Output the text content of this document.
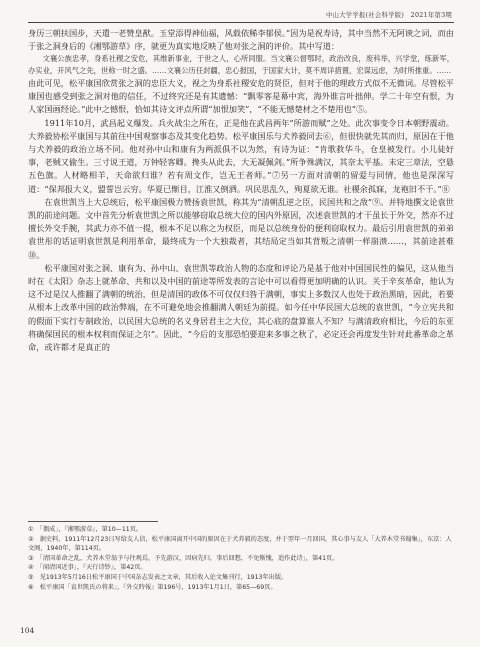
中山大学学报(社会科学版)　2021年第3期

身历三朝扶国步，天遣一老赞皇猷。玉堂添得神仙福，风载依稀李郁侯。”因为是祝寿诗，其中当然不无阿谀之词，而由于张之洞身后的《湘鄂游草》序，就更为真实地反映了他对张之洞的评价。其中写道：

文襄公族忠孝，身系社稷之安危，其维新事业，于世之人，心所同服。当文襄公督鄂时，政治改良，废科举，兴学堂，练新军，办实业，开风气之先，世称一时之盛。……文襄公历任封疆，忠心报国，于国家大计，莫不周详措置，宏谋远虑，为时所推重。……

由此可见，松平康国欣赏张之洞的忠臣大义，视之为身系社稷安危的贤臣，但对于他的理政方式似不无微词。尽管松平康国也感受到张之洞对他的信任，不过终究还是有其遗憾：“飘零客是幕中宾，海外谁言叶拙伸。学二十年空有恨，为人家国画经论。”此中之憾恨，恰如其诗文评点所谓“加恨加笑”，“不能无憾楚材之不楚用也”⑤。

1911年10月，武昌起义爆发。兵火战尘之所在，正是他在武昌两年“所游而赋”之处。此次事变令日本朝野震动。大养毅协松平康国与其前往中国观察事态及其变化趋势。松平康国乐与犬养毅同去⑥，但很快就先其而归，原因在于他与犬养毅的政治立场不同。他对孙中山和康有为两派俱不以为然，有诗为证：“肯歌救华斗，仓皇被发行。小儿徒好事，老贼又偷生。三寸说王道，万钟轻客卿。搀头从此去，大无凝佩剑。”所争殊满汉，其奈太平基。未定三章法，空悬五色旗。人材略相羊，天命欲归谁？若有周文作，岂无王者师。”⑦另一方面对清朝的留爱与同情，他也是深深写道：“保邦报大义，盟誓岂云穷。华夏已惭目，江淮又倒洒。巩民思乱久，殉夏欲无谁。社稷余孤寐，龙袍旧不干。”⑧

在袁世凯当上大总统后，松平康国极力赞扬袁世凯，称其为“清朝乱逆之臣，民国共和之敌”⑨。并特地撰文论袁世凯的前途问题。文中首先分析袁世凯之所以能够窃取总统大位的国内外原因，次述袁世凯的才干虽长于外交，然亦不过擅长外交手腕，其武力亦不值一提，根本不足以称之为权臣，而是以总统身份的便利窃取权力。最后引用袁世凯的弟弟袁世彤的话证明袁世凯是利用革命，最终成为一个大独裁者，其结局定当如其背叛之清朝一样崩溃……，其前途甚难⑩。

松平康国对张之洞、康有为、孙中山、袁世凯等政治人物的态度和评论乃是基于他对中国国民性的偏见，这从他当时在《太阳》杂志上就革命、共和以及中国的前途等所发表的言论中可以看得更加明确的认识。关于辛亥革命，他认为这不过是汉人推翻了满朝的统治，但是清国的政体不可仅仅归咎于满朝，事实上多数汉人也处于政治黑暗，因此，若要从根本上改革中国的政治弊端，在不可避免地会推翻满人朝廷为前提。如今任中华民国大总统的袁世凯，“今立宪共和的假面下实行专制政治，以民国大总统的名义身居君主之大位，其心底的盘算谁人不知？与满清政府相比，今后的东亚将确保国民的根本权利而保证之尔”。因此，“今后的支那恐怕要迎来多事之秋了，必定还会再度发生针对此番革命之革命，或许都才是真正的

①　「偶成」，『湘鄂游草』，第10—11页。

②　据史料，1911年12月23日写给友人信，松平康国离开中国的原因在于犬养毅的态度，并于翌年一月回国。其心事与友人「大养木堂书翰集」，东京：人文阁，1940年，第114页。

③　「清国革命之乱，犬养木堂翁予与往观焉，予先游汉，因病先归，事后回想，不免惭愧，追作此诗」，第41页。

④　「闻清国近事」，『天行诗钞』，第42页。

⑤　见1913年5月16日松平康国于中国杂志发表之文章，其后收入论文集刊行，1913年出版。

⑥　松平康国「袁世凯氏の将来」，『外交時報』第196号，1913年1月1日，第65—69页。

104
